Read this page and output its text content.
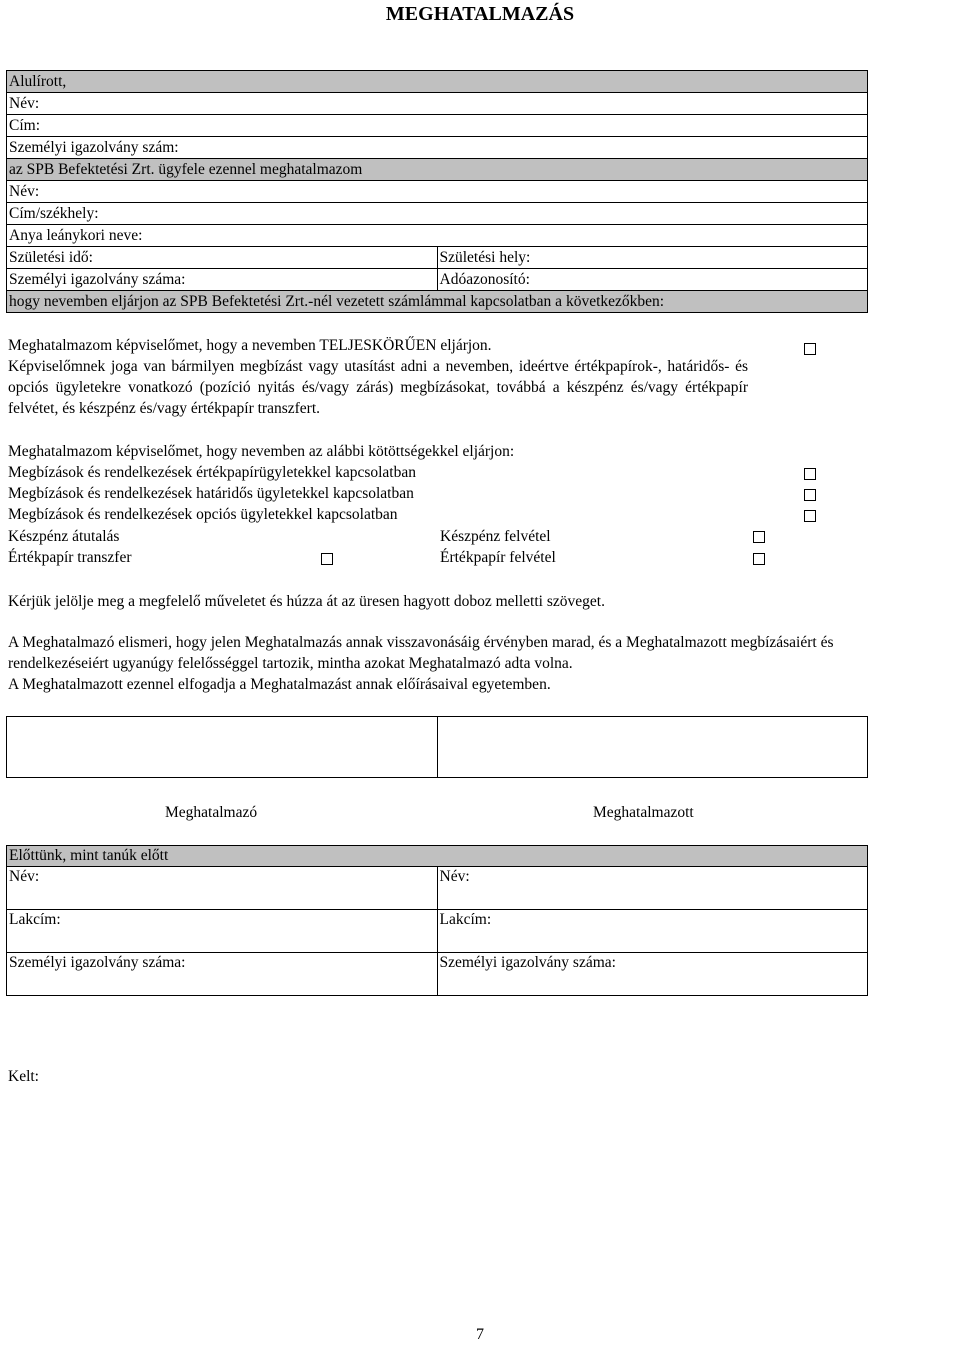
MEGHATALMAZÁS
Alulírott,	
Név:	
Cím:	
Személyi igazolvány szám:	
az SPB Befektetési Zrt. ügyfele ezennel meghatalmazom	
Név:	
Cím/székhely:	
Anya leánykori neve:	
Születési idő:	Születési hely:
Személyi igazolvány száma:	Adóazonosító:
hogy nevemben eljárjon az SPB Befektetési Zrt.-nél vezetett számlámmal kapcsolatban a következőkben:	
Meghatalmazom képviselőmet, hogy a nevemben TELJESKÖRŰEN eljárjon.
Képviselőmnek joga van bármilyen megbízást vagy utasítást adni a nevemben, ideértve értékpapírok-, határidős- és opciós ügyletekre vonatkozó (pozíció nyitás és/vagy zárás) megbízásokat, továbbá a készpénz és/vagy értékpapír felvétet, és készpénz és/vagy értékpapír transzfert.
Meghatalmazom képviselőmet, hogy nevemben az alábbi kötöttségekkel eljárjon:
Megbízások és rendelkezések értékpapírügyletekkel kapcsolatban
Megbízások és rendelkezések határidős ügyletekkel kapcsolatban
Megbízások és rendelkezések opciós ügyletekkel kapcsolatban
Készpénz átutalás	Készpénz felvétel
Értékpapír transzfer	Értékpapír felvétel
Kérjük jelölje meg a megfelelő műveletet és húzza át az üresen hagyott doboz melletti szöveget.
A Meghatalmazó elismeri, hogy jelen Meghatalmazás annak visszavonásáig érvényben marad, és a Meghatalmazott megbízásaiért és
rendelkezéseiért ugyanúgy felelősséggel tartozik, mintha azokat Meghatalmazó adta volna.
A Meghatalmazott ezennel elfogadja a Meghatalmazást annak előírásaival egyetemben.

Meghatalmazó	Meghatalmazott
Előttünk, mint tanúk előtt	
Név:	Név:
Lakcím:	Lakcím:
Személyi igazolvány száma:	Személyi igazolvány száma:
Kelt:
7
